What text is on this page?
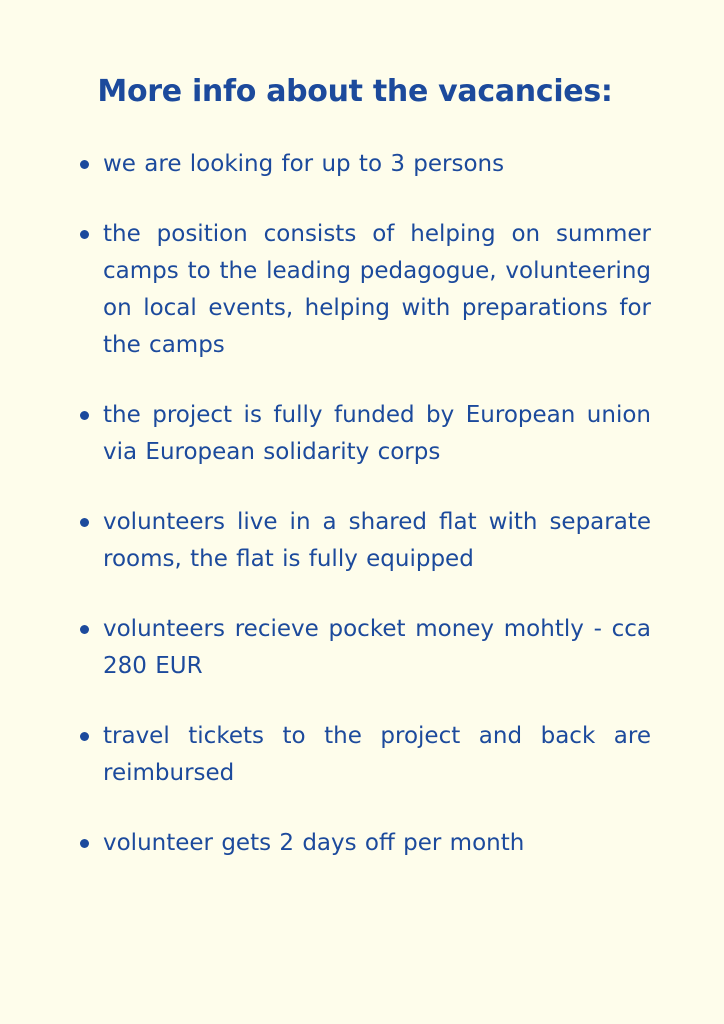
More info about the vacancies:
we are looking for up to 3 persons
the position consists of helping on summer camps to the leading pedagogue, volunteering on local events, helping with preparations for the camps
the project is fully funded by European union via European solidarity corps
volunteers live in a shared flat with separate rooms, the flat is fully equipped
volunteers recieve pocket money mohtly - cca 280 EUR
travel tickets to the project and back are reimbursed
volunteer gets 2 days off per month
